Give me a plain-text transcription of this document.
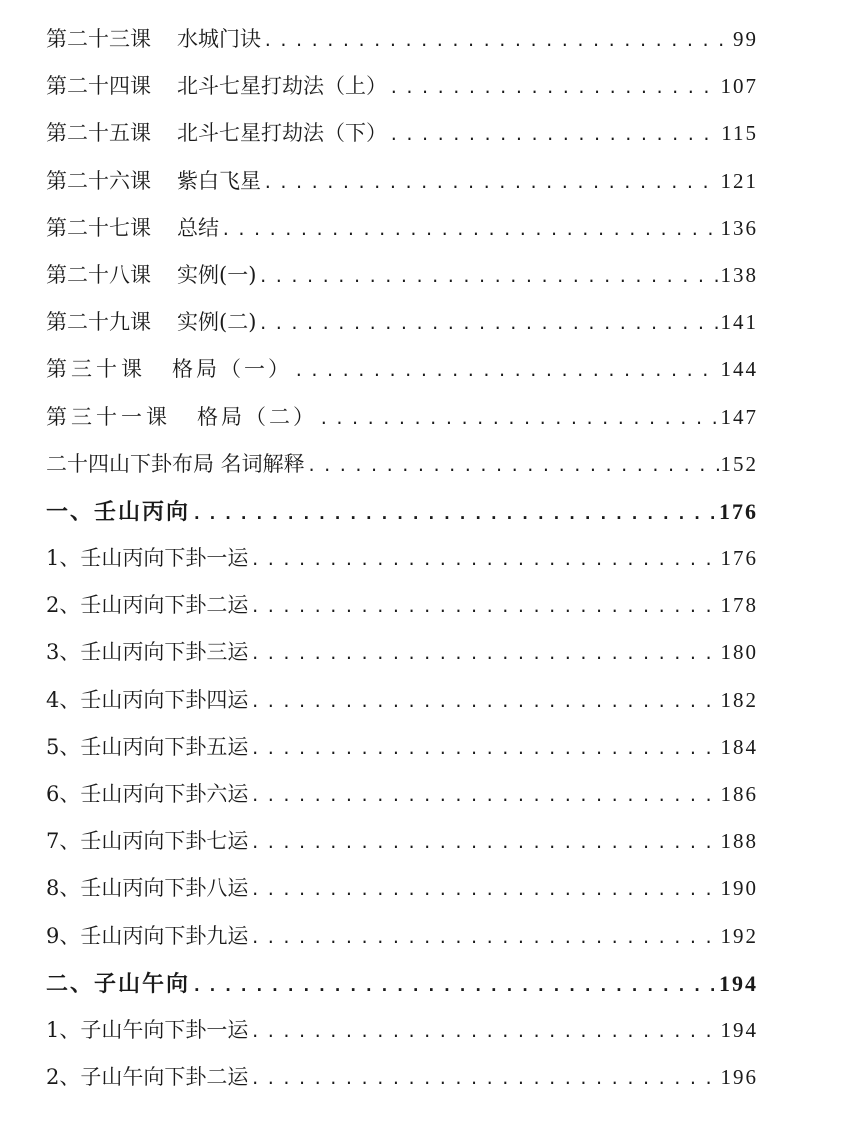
第二十三课 水城门诀 .....	99
第二十四课 北斗七星打劫法（上） .....	107
第二十五课 北斗七星打劫法（下） .....	115
第二十六课 紫白飞星 .....	121
第二十七课 总结 .....	136
第二十八课 实例(一) .....	138
第二十九课 实例(二) .....	141
第三十课 格局（一） .....	144
第三十一课 格局（二） .....	147
二十四山下卦布局 名词解释 .....	152
一、壬山丙向 .....	176
1、壬山丙向下卦一运 .....	176
2、壬山丙向下卦二运 .....	178
3、壬山丙向下卦三运 .....	180
4、壬山丙向下卦四运 .....	182
5、壬山丙向下卦五运 .....	184
6、壬山丙向下卦六运 .....	186
7、壬山丙向下卦七运 .....	188
8、壬山丙向下卦八运 .....	190
9、壬山丙向下卦九运 .....	192
二、子山午向 .....	194
1、子山午向下卦一运 .....	194
2、子山午向下卦二运 .....	196
